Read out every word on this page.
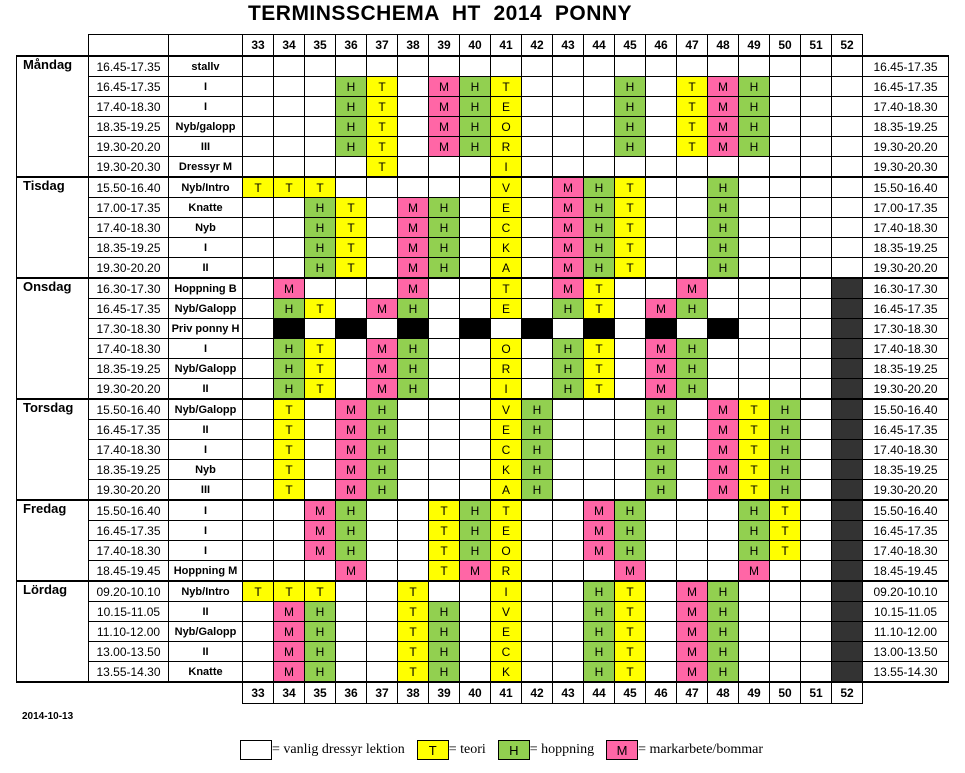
TERMINSSCHEMA  HT  2014  PONNY
			33	34	35	36	37	38	39	40	41	42	43	44	45	46	47	48	49	50	51	52	
Måndag	16.45-17.35	stallv																					16.45-17.35
	16.45-17.35	I				H	T		M	H	T				H		T	M	H				16.45-17.35
	17.40-18.30	I				H	T		M	H	E				H		T	M	H				17.40-18.30
	18.35-19.25	Nyb/galopp				H	T		M	H	O				H		T	M	H				18.35-19.25
	19.30-20.20	III				H	T		M	H	R				H		T	M	H				19.30-20.20
	19.30-20.30	Dressyr M					T				I												19.30-20.30
Tisdag	15.50-16.40	Nyb/Intro	T	T	T						V		M	H	T			H					15.50-16.40
	17.00-17.35	Knatte			H	T		M	H		E		M	H	T			H					17.00-17.35
	17.40-18.30	Nyb			H	T		M	H		C		M	H	T			H					17.40-18.30
	18.35-19.25	I			H	T		M	H		K		M	H	T			H					18.35-19.25
	19.30-20.20	II			H	T		M	H		A		M	H	T			H					19.30-20.20
Onsdag	16.30-17.30	Hoppning B		M				M			T		M	T			M						16.30-17.30
	16.45-17.35	Nyb/Galopp		H	T		M	H			E		H	T		M	H						16.45-17.35
	17.30-18.30	Priv ponny H																					17.30-18.30
	17.40-18.30	I		H	T		M	H			O		H	T		M	H						17.40-18.30
	18.35-19.25	Nyb/Galopp		H	T		M	H			R		H	T		M	H						18.35-19.25
	19.30-20.20	II		H	T		M	H			I		H	T		M	H						19.30-20.20
Torsdag	15.50-16.40	Nyb/Galopp		T		M	H				V	H				H		M	T	H			15.50-16.40
	16.45-17.35	II		T		M	H				E	H				H		M	T	H			16.45-17.35
	17.40-18.30	I		T		M	H				C	H				H		M	T	H			17.40-18.30
	18.35-19.25	Nyb		T		M	H				K	H				H		M	T	H			18.35-19.25
	19.30-20.20	III		T		M	H				A	H				H		M	T	H			19.30-20.20
Fredag	15.50-16.40	I			M	H			T	H	T			M	H				H	T			15.50-16.40
	16.45-17.35	I			M	H			T	H	E			M	H				H	T			16.45-17.35
	17.40-18.30	I			M	H			T	H	O			M	H				H	T			17.40-18.30
	18.45-19.45	Hoppning M				M			T	M	R				M				M				18.45-19.45
Lördag	09.20-10.10	Nyb/Intro	T	T	T			T			I			H	T		M	H					09.20-10.10
	10.15-11.05	II		M	H			T	H		V			H	T		M	H					10.15-11.05
	11.10-12.00	Nyb/Galopp		M	H			T	H		E			H	T		M	H					11.10-12.00
	13.00-13.50	II		M	H			T	H		C			H	T		M	H					13.00-13.50
	13.55-14.30	Knatte		M	H			T	H		K			H	T		M	H					13.55-14.30
			33	34	35	36	37	38	39	40	41	42	43	44	45	46	47	48	49	50	51	52	
2014-10-13
= vanlig dressyr lektion	T = teori	H = hoppning	M = markarbete/bommar
